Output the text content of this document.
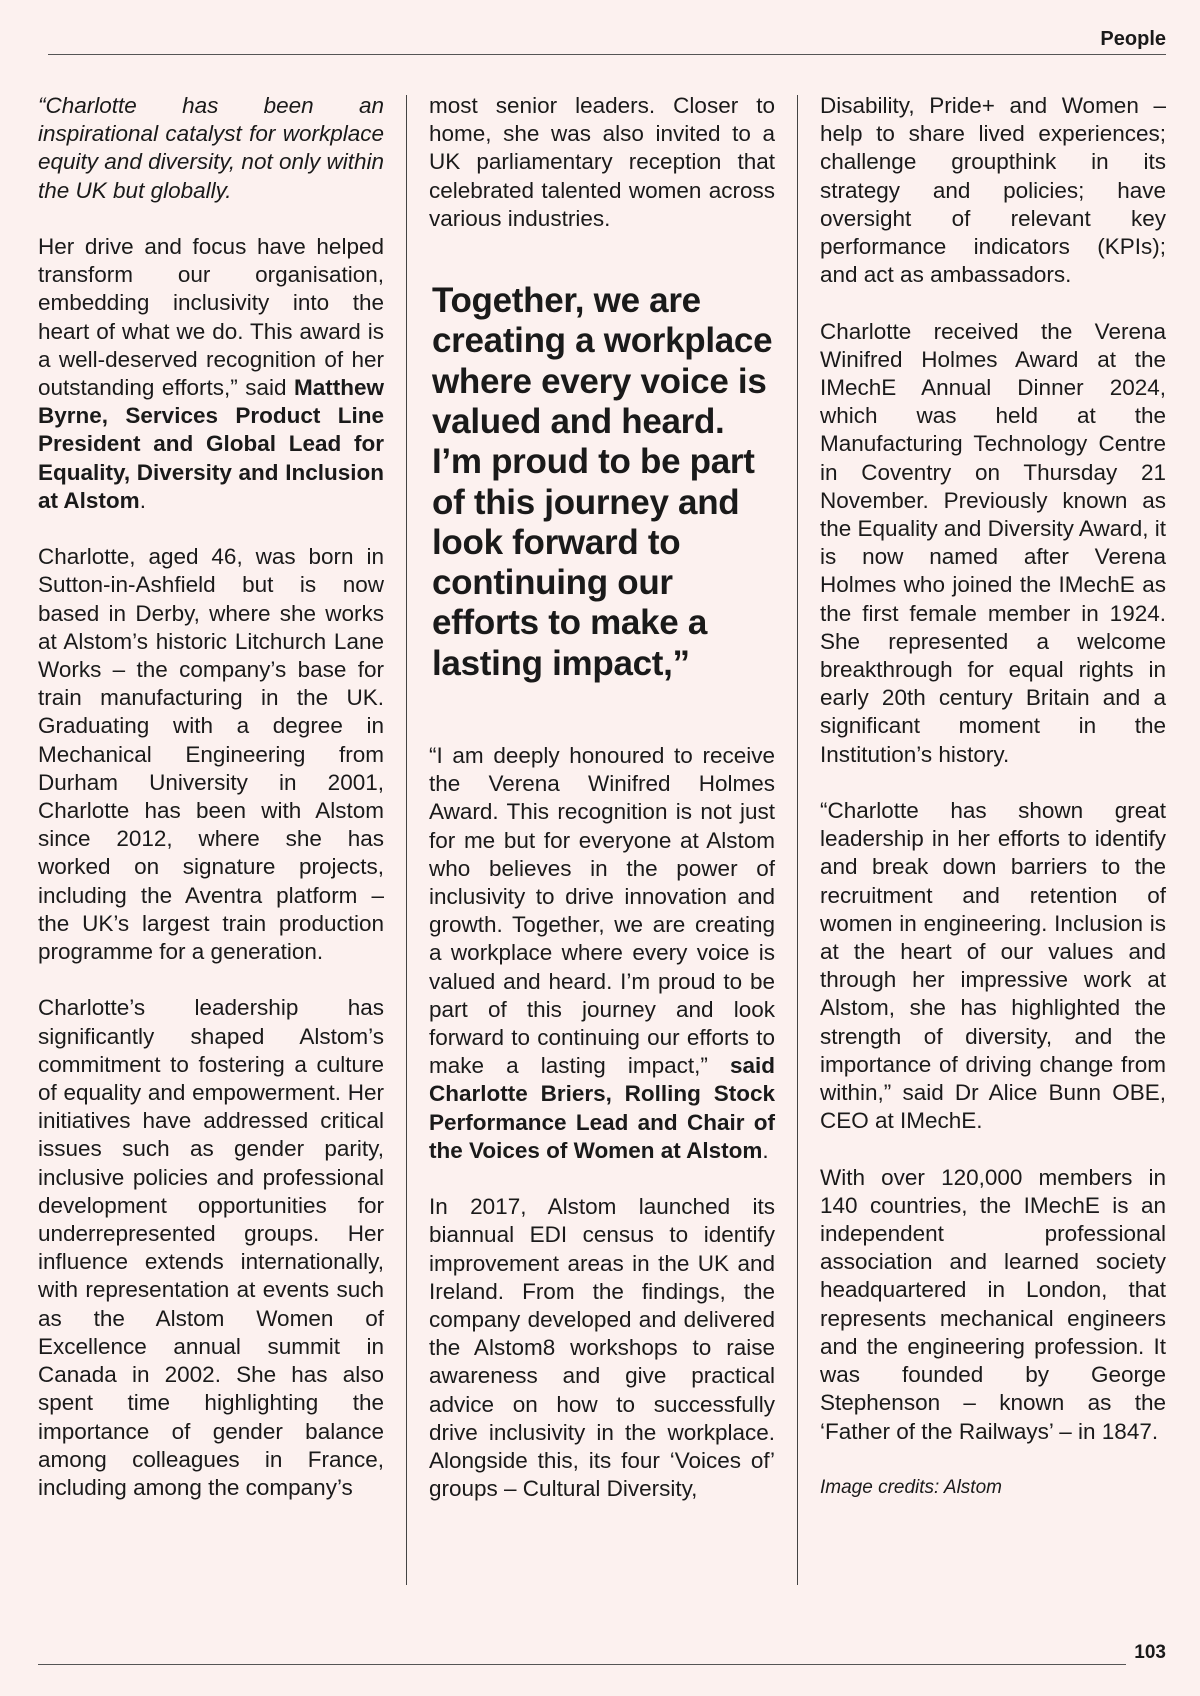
People

“Charlotte has been an inspirational catalyst for workplace equity and diversity, not only within the UK but globally.

Her drive and focus have helped transform our organisation, embedding inclusivity into the heart of what we do. This award is a well-deserved recognition of her outstanding efforts,” said Matthew Byrne, Services Product Line President and Global Lead for Equality, Diversity and Inclusion at Alstom.

Charlotte, aged 46, was born in Sutton-in-Ashfield but is now based in Derby, where she works at Alstom’s historic Litchurch Lane Works – the company’s base for train manufacturing in the UK. Graduating with a degree in Mechanical Engineering from Durham University in 2001, Charlotte has been with Alstom since 2012, where she has worked on signature projects, including the Aventra platform – the UK’s largest train production programme for a generation.

Charlotte’s leadership has significantly shaped Alstom’s commitment to fostering a culture of equality and empowerment. Her initiatives have addressed critical issues such as gender parity, inclusive policies and professional development opportunities for underrepresented groups. Her influence extends internationally, with representation at events such as the Alstom Women of Excellence annual summit in Canada in 2002. She has also spent time highlighting the importance of gender balance among colleagues in France, including among the company’s

most senior leaders. Closer to home, she was also invited to a UK parliamentary reception that celebrated talented women across various industries.

Together, we are creating a workplace where every voice is valued and heard. I’m proud to be part of this journey and look forward to continuing our efforts to make a lasting impact,”

“I am deeply honoured to receive the Verena Winifred Holmes Award. This recognition is not just for me but for everyone at Alstom who believes in the power of inclusivity to drive innovation and growth. Together, we are creating a workplace where every voice is valued and heard. I’m proud to be part of this journey and look forward to continuing our efforts to make a lasting impact,” said Charlotte Briers, Rolling Stock Performance Lead and Chair of the Voices of Women at Alstom.

In 2017, Alstom launched its biannual EDI census to identify improvement areas in the UK and Ireland. From the findings, the company developed and delivered the Alstom8 workshops to raise awareness and give practical advice on how to successfully drive inclusivity in the workplace. Alongside this, its four ‘Voices of’ groups – Cultural Diversity,

Disability, Pride+ and Women – help to share lived experiences; challenge groupthink in its strategy and policies; have oversight of relevant key performance indicators (KPIs); and act as ambassadors.

Charlotte received the Verena Winifred Holmes Award at the IMechE Annual Dinner 2024, which was held at the Manufacturing Technology Centre in Coventry on Thursday 21 November. Previously known as the Equality and Diversity Award, it is now named after Verena Holmes who joined the IMechE as the first female member in 1924. She represented a welcome breakthrough for equal rights in early 20th century Britain and a significant moment in the Institution’s history.

“Charlotte has shown great leadership in her efforts to identify and break down barriers to the recruitment and retention of women in engineering. Inclusion is at the heart of our values and through her impressive work at Alstom, she has highlighted the strength of diversity, and the importance of driving change from within,” said Dr Alice Bunn OBE, CEO at IMechE.

With over 120,000 members in 140 countries, the IMechE is an independent professional association and learned society headquartered in London, that represents mechanical engineers and the engineering profession. It was founded by George Stephenson – known as the ‘Father of the Railways’ – in 1847.

Image credits: Alstom

103
